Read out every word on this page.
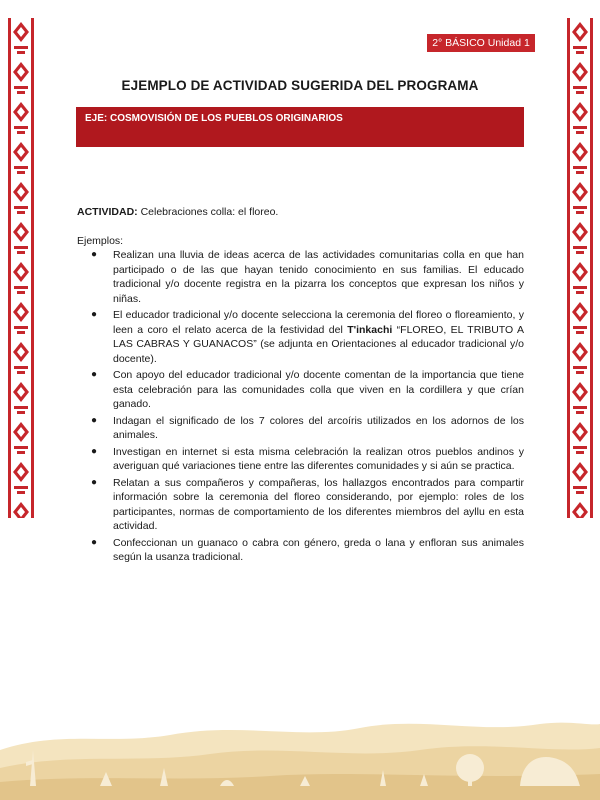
2° BÁSICO Unidad 1
EJEMPLO DE ACTIVIDAD SUGERIDA DEL PROGRAMA
EJE: COSMOVISIÓN DE LOS PUEBLOS ORIGINARIOS
ACTIVIDAD: Celebraciones colla: el floreo.
Ejemplos:
● Realizan una lluvia de ideas acerca de las actividades comunitarias colla en que han participado o de las que hayan tenido conocimiento en sus familias. El educado tradicional y/o docente registra en la pizarra los conceptos que expresan los niños y niñas.
● El educador tradicional y/o docente selecciona la ceremonia del floreo o floreamiento, y leen a coro el relato acerca de la festividad del T'inkachi “FLOREO, EL TRIBUTO A LAS CABRAS Y GUANACOS” (se adjunta en Orientaciones al educador tradicional y/o docente).
● Con apoyo del educador tradicional y/o docente comentan de la importancia que tiene esta celebración para las comunidades colla que viven en la cordillera y que crían ganado.
● Indagan el significado de los 7 colores del arcoíris utilizados en los adornos de los animales.
● Investigan en internet si esta misma celebración la realizan otros pueblos andinos y averiguan qué variaciones tiene entre las diferentes comunidades y si aún se practica.
● Relatan a sus compañeros y compañeras, los hallazgos encontrados para compartir información sobre la ceremonia del floreo considerando, por ejemplo: roles de los participantes, normas de comportamiento de los diferentes miembros del ayllu en esta actividad.
● Confeccionan un guanaco o cabra con género, greda o lana y enfloran sus animales según la usanza tradicional.
